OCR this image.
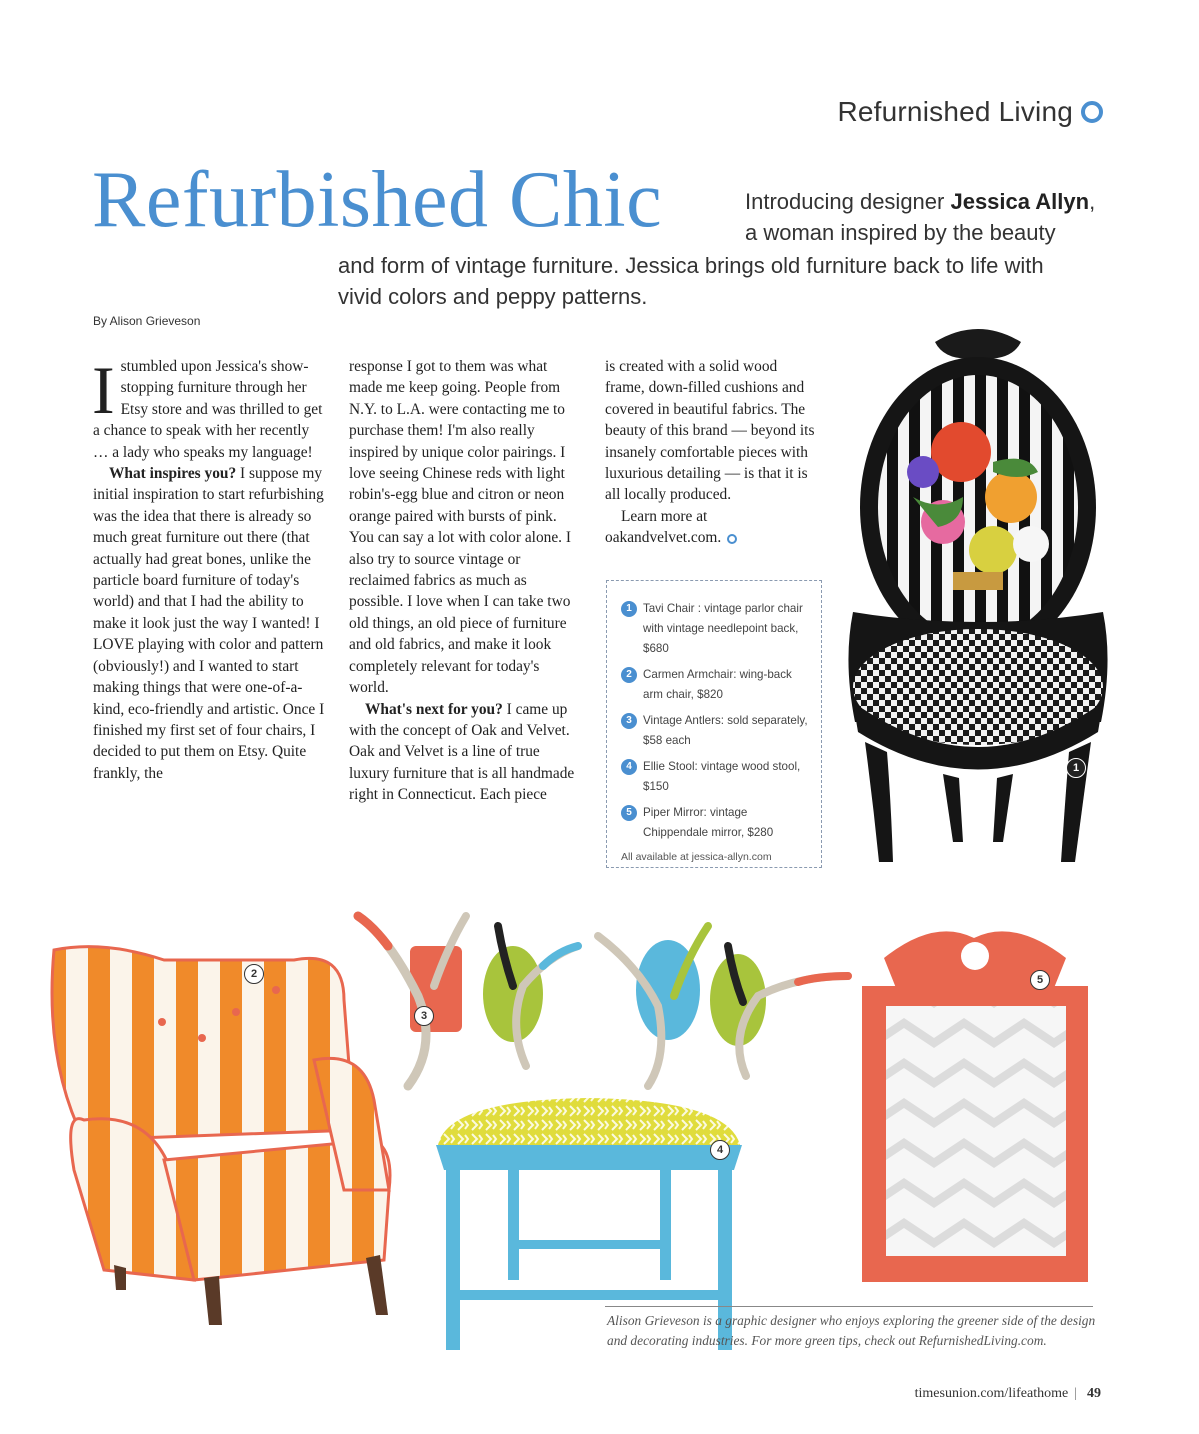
Refurnished Living
Refurbished Chic	Introducing designer Jessica Allyn,
a woman inspired by the beauty
and form of vintage furniture. Jessica brings old furniture back to life with vivid colors and peppy patterns.
By Alison Grieveson

Istumbled upon Jessica's show-stopping furniture through her Etsy store and was thrilled to get a chance to speak with her recently … a lady who speaks my language!

What inspires you? I suppose my initial inspiration to start refurbishing was the idea that there is already so much great furniture out there (that actually had great bones, unlike the particle board furniture of today's world) and that I had the ability to make it look just the way I wanted! I LOVE playing with color and pattern (obviously!) and I wanted to start making things that were one-of-a-kind, eco-friendly and artistic. Once I finished my first set of four chairs, I decided to put them on Etsy. Quite frankly, the

response I got to them was what made me keep going. People from N.Y. to L.A. were contacting me to purchase them! I'm also really inspired by unique color pairings. I love seeing Chinese reds with light robin's-egg blue and citron or neon orange paired with bursts of pink. You can say a lot with color alone. I also try to source vintage or reclaimed fabrics as much as possible. I love when I can take two old things, an old piece of furniture and old fabrics, and make it look completely relevant for today's world.

What's next for you? I came up with the concept of Oak and Velvet. Oak and Velvet is a line of true luxury furniture that is all handmade right in Connecticut. Each piece

is created with a solid wood frame, down-filled cushions and covered in beautiful fabrics. The beauty of this brand — beyond its insanely comfortable pieces with luxurious detailing — is that it is all locally produced.

Learn more at oakandvelvet.com.

1 Tavi Chair : vintage parlor chair with vintage needlepoint back, $680
2 Carmen Armchair: wing-back arm chair, $820
3 Vintage Antlers: sold separately, $58 each
4 Ellie Stool: vintage wood stool, $150
5 Piper Mirror: vintage Chippendale mirror, $280
All available at jessica-allyn.com
1
2
3
4
5
Alison Grieveson is a graphic designer who enjoys exploring the greener side of the design and decorating industries. For more green tips, check out RefurnishedLiving.com.
timesunion.com/lifeathome | 49
